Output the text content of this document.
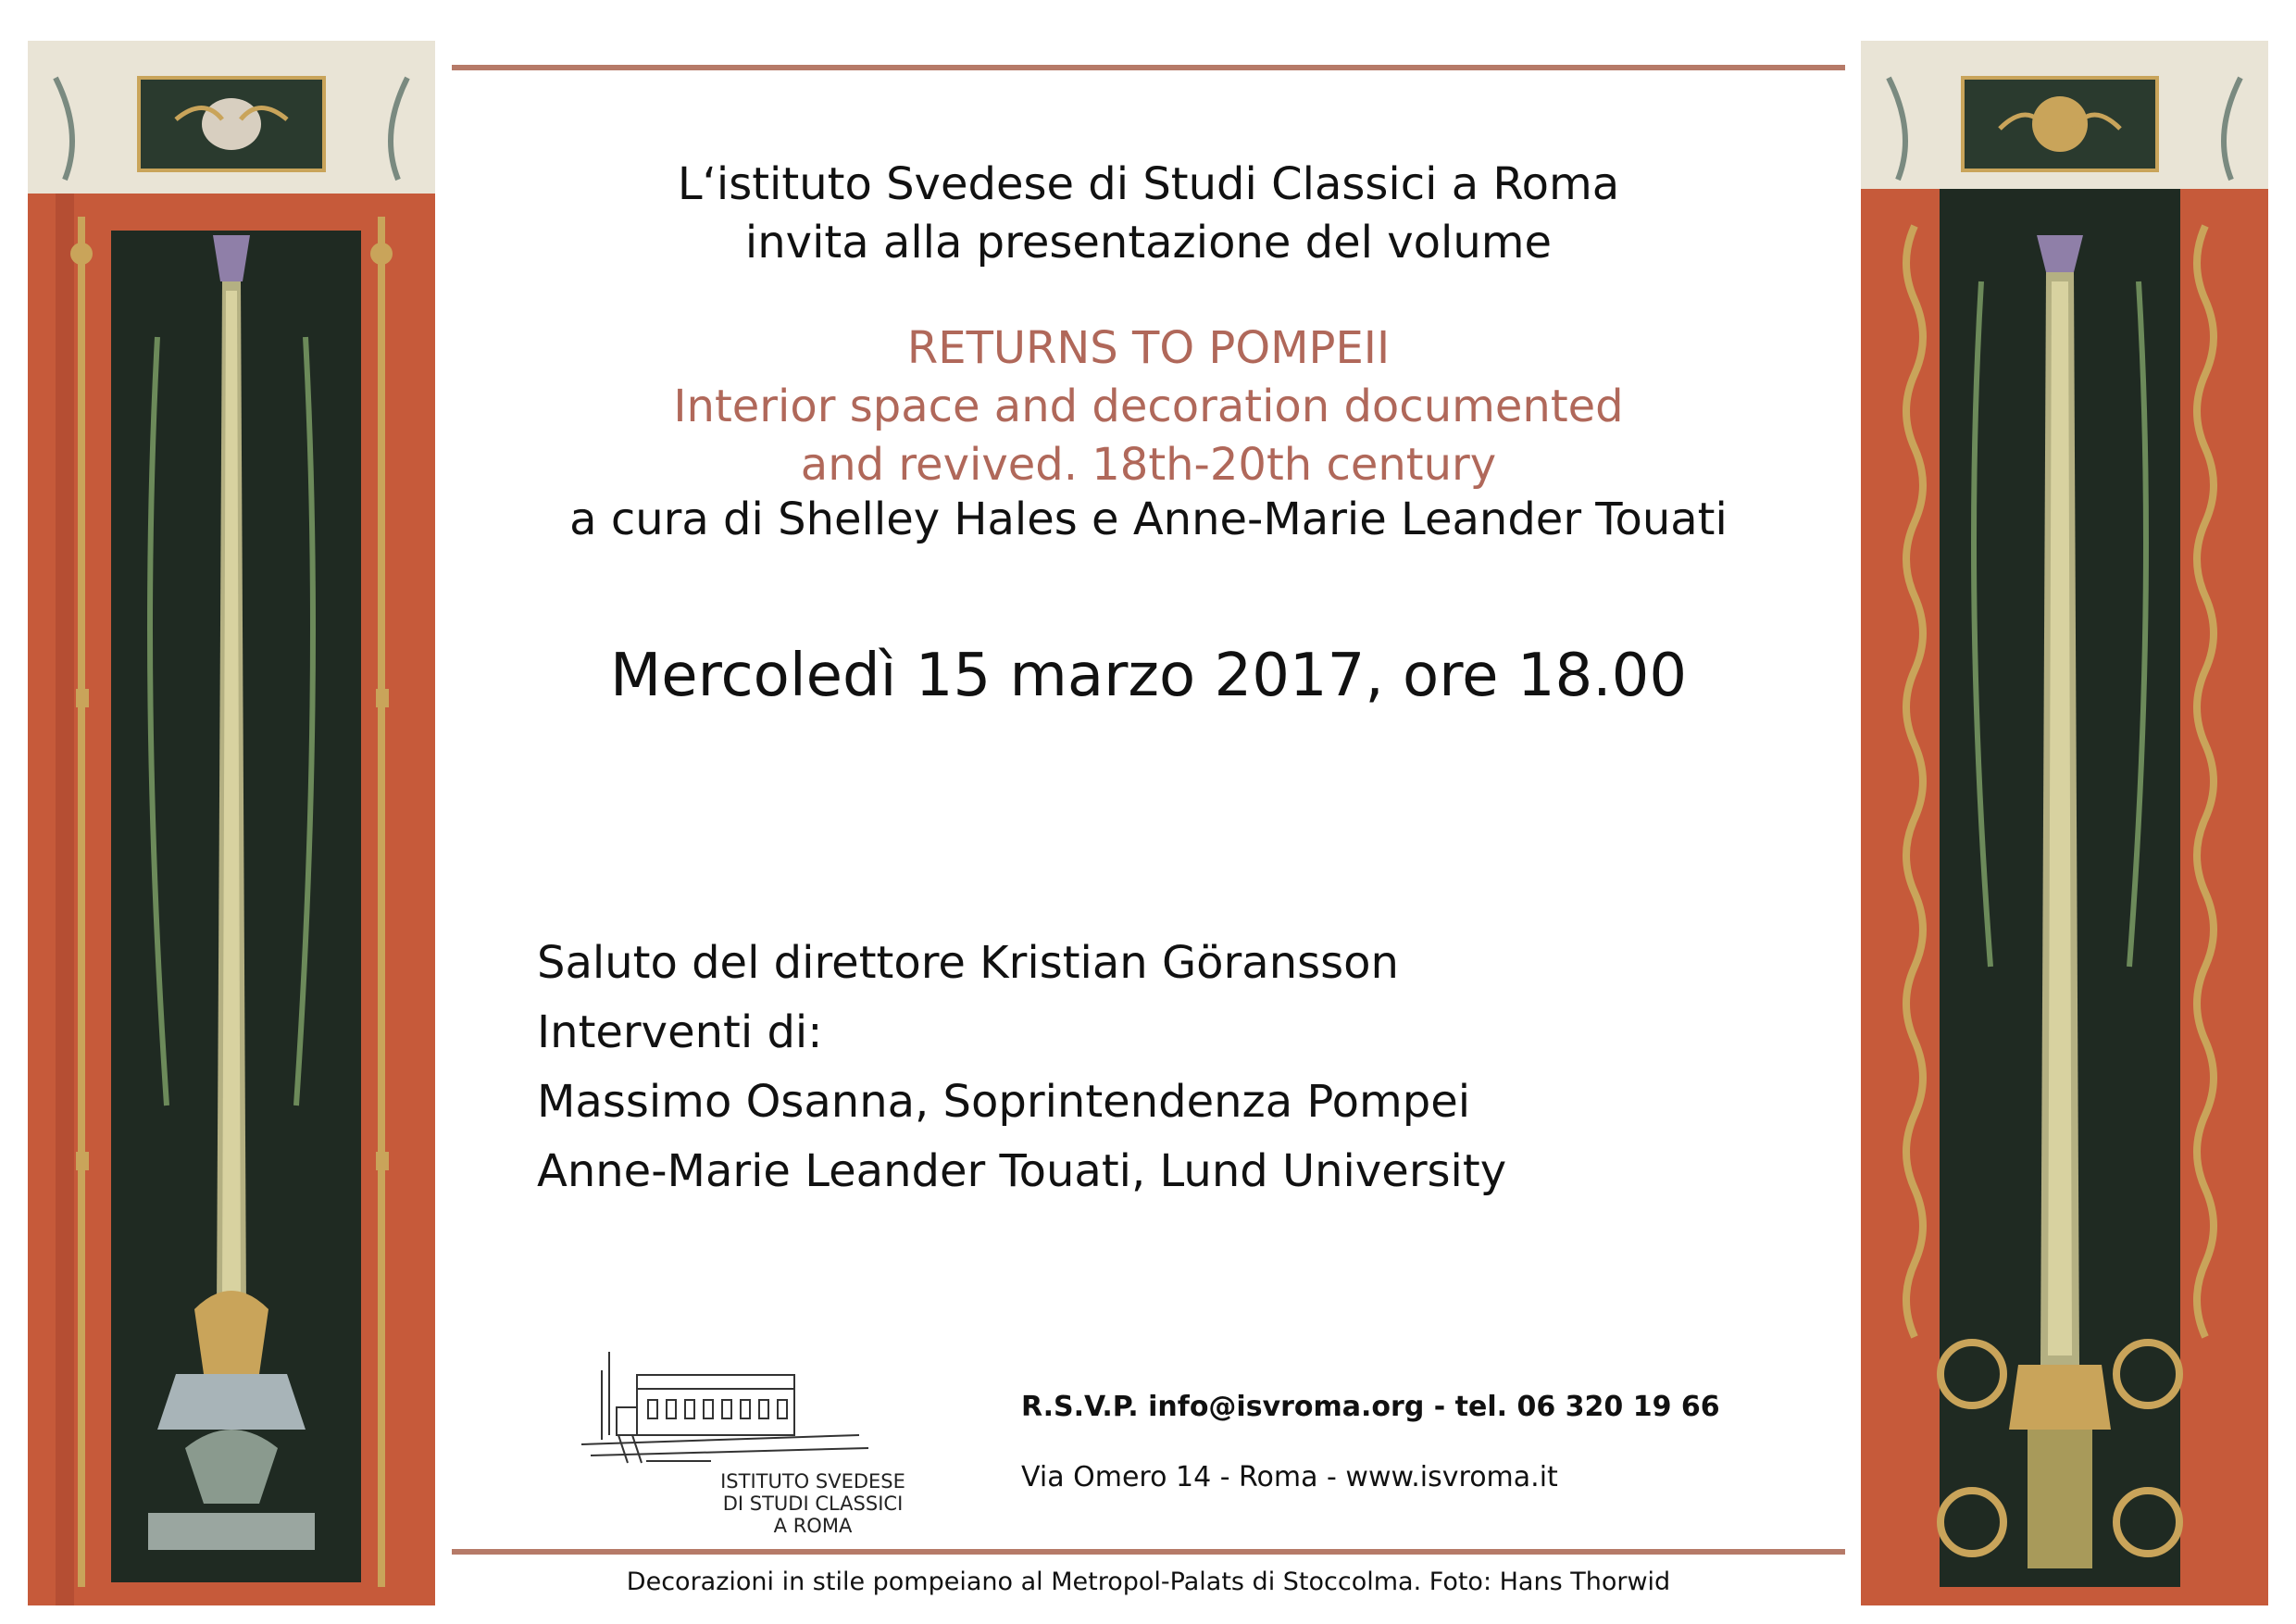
L‘istituto Svedese di Studi Classici a Roma
invita alla presentazione del volume
RETURNS TO POMPEII
Interior space and decoration documented
and revived. 18th-20th century
a cura di Shelley Hales e Anne-Marie Leander Touati
Mercoledì 15 marzo 2017, ore 18.00
Saluto del direttore Kristian Göransson
Interventi di:
Massimo Osanna, Soprintendenza Pompei
Anne-Marie Leander Touati, Lund University
ISTITUTO SVEDESE
DI STUDI CLASSICI
A ROMA
R.S.V.P. info@isvroma.org - tel. 06 320 19 66
Via Omero 14 - Roma - www.isvroma.it
Decorazioni in stile pompeiano al Metropol-Palats di Stoccolma. Foto: Hans Thorwid
